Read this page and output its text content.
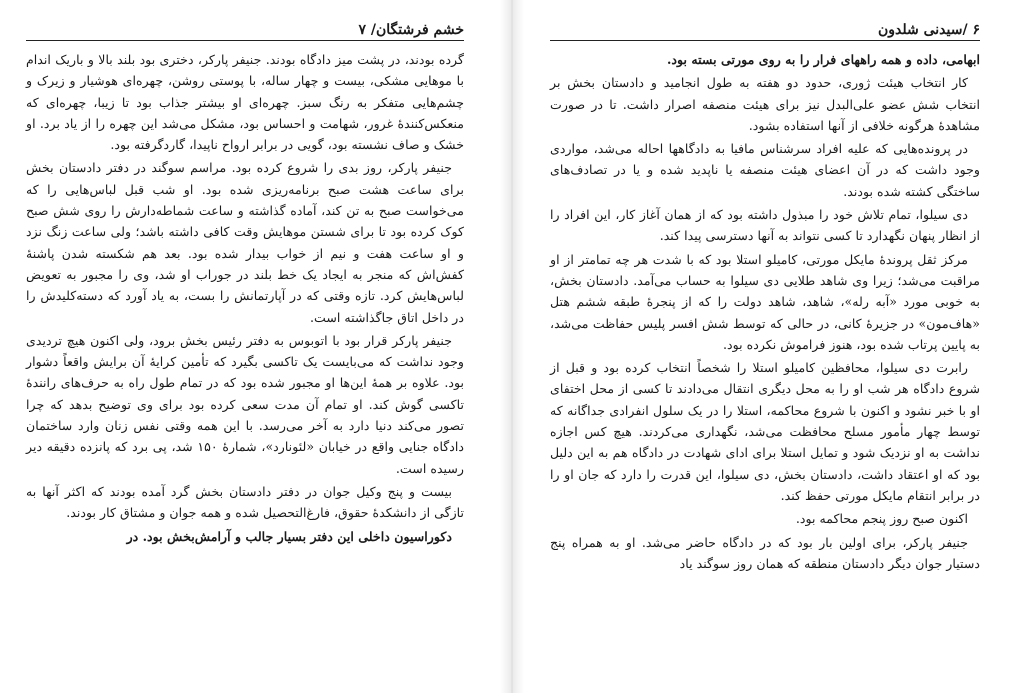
خشم فرشتگان/ ۷

گرده بودند، در پشت میز دادگاه بودند. جنیفر پارکر، دختری بود بلند بالا و باریک اندام با موهایی مشکی، بیست و چهار ساله، با پوستی روشن، چهره‌ای هوشیار و زیرک و چشم‌هایی متفکر به رنگ سبز. چهره‌ای او بیشتر جذاب بود تا زیبا، چهره‌ای که منعکس‌کننده‌ٔ غرور، شهامت و احساس بود، مشکل می‌شد این چهره را از یاد برد. او خشک و صاف نشسته بود، گویی در برابر ارواح ناپیدا، گاردگرفته بود.

جنیفر پارکر، روز بدی را شروع کرده بود. مراسم سوگند در دفتر دادستان بخش برای ساعت هشت صبح برنامه‌ریزی شده بود. او شب قبل لباس‌هایی را که می‌خواست صبح به تن کند، آماده گذاشته و ساعت شماطه‌دارش را روی شش صبح کوک کرده بود تا برای شستن موهایش وقت کافی داشته باشد؛ ولی ساعت زنگ نزد و او ساعت هفت و نیم از خواب بیدار شده بود. بعد هم شکسته شدن پاشنهٔ کفش‌اش که منجر به ایجاد یک خط بلند در جوراب او شد، وی را مجبور به تعویض لباس‌هایش کرد. تازه وقتی که در آپارتمانش را بست، به یاد آورد که دسته‌کلیدش را در داخل اتاق جاگذاشته است.

جنیفر پارکر قرار بود با اتوبوس به دفتر رئیس بخش برود، ولی اکنون هیچ تردیدی وجود نداشت که می‌بایست یک تاکسی بگیرد که تأمین کرایهٔ آن برایش واقعاً دشوار بود. علاوه بر همهٔ این‌ها او مجبور شده بود که در تمام طول راه به حرف‌های رانندهٔ تاکسی گوش کند. او تمام آن مدت سعی کرده بود برای وی توضیح بدهد که چرا تصور می‌کند دنیا دارد به آخر می‌رسد. با این همه وقتی نفس زنان وارد ساختمان دادگاه جنایی واقع در خیابان «لئونارد»، شمارهٔ ۱۵۰ شد، پی برد که پانزده دقیقه دیر رسیده است.

بیست و پنج وکیل جوان در دفتر دادستان بخش گرد آمده بودند که اکثر آنها به تازگی از دانشکدهٔ حقوق، فارغ‌التحصیل شده و همه جوان و مشتاق کار بودند.

دکوراسیون داخلی این دفتر بسیار جالب و آرامش‌بخش بود. در

۶ /سیدنی شلدون

ابهامی، داده و همه راههای فرار را به روی مورتی بسته بود.

کار انتخاب هیئت ژوری، حدود دو هفته به طول انجامید و دادستان بخش بر انتخاب شش عضو علی‌البدل نیز برای هیئت منصفه اصرار داشت. تا در صورت مشاهدهٔ هرگونه خلافی از آنها استفاده بشود.

در پرونده‌هایی که علیه افراد سرشناس مافیا به دادگاهها احاله می‌شد، مواردی وجود داشت که در آن اعضای هیئت منصفه یا ناپدید شده و یا در تصادف‌های ساختگی کشته شده بودند.

دی سیلوا، تمام تلاش خود را مبذول داشته بود که از همان آغاز کار، این افراد را از انظار پنهان نگهدارد تا کسی نتواند به آنها دسترسی پیدا کند.

مرکز ثقل پروندهٔ مایکل مورتی، کامیلو استلا بود که با شدت هر چه تمامتر از او مراقبت می‌شد؛ زیرا وی شاهد طلایی دی سیلوا به حساب می‌آمد. دادستان بخش، به خوبی مورد «آبه رله»، شاهد، شاهد دولت را که از پنجرهٔ طبقه ششم هتل «هاف‌مون» در جزیرهٔ کانی، در حالی که توسط شش افسر پلیس حفاظت می‌شد، به پایین پرتاب شده بود، هنوز فراموش نکرده بود.

رابرت دی سیلوا، محافظین کامیلو استلا را شخصاً انتخاب کرده بود و قبل از شروع دادگاه هر شب او را به محل دیگری انتقال می‌دادند تا کسی از محل اختفای او با خبر نشود و اکنون با شروع محاکمه، استلا را در یک سلول انفرادی جداگانه که توسط چهار مأمور مسلح محافظت می‌شد، نگهداری می‌کردند. هیچ کس اجازه نداشت به او نزدیک شود و تمایل استلا برای ادای شهادت در دادگاه هم به این دلیل بود که او اعتقاد داشت، دادستان بخش، دی سیلوا، این قدرت را دارد که جان او را در برابر انتقام مایکل مورتی حفظ کند.

اکنون صبح روز پنجم محاکمه بود.

جنیفر پارکر، برای اولین بار بود که در دادگاه حاضر می‌شد. او به همراه پنج دستیار جوان دیگر دادستان منطقه که همان روز سوگند یاد
